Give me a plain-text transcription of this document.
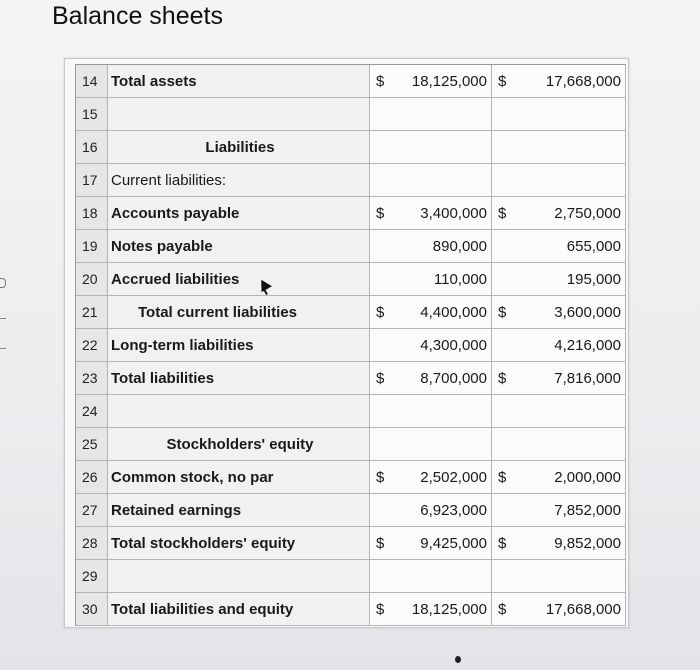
Balance sheets
14 Total assets	$ 18,125,000 $	17,668,000
15
16	Liabilities
17 Current liabilities:
18 Accounts payable	$ 3,400,000 $	2,750,000
19 Notes payable	890,000	655,000
20 Accrued liabilities	110,000	195,000
21	Total current liabilities	$ 4,400,000 $	3,600,000
22 Long-term liabilities	4,300,000	4,216,000
23 Total liabilities	$ 8,700,000 $	7,816,000
24
25	Stockholders' equity
26 Common stock, no par	$ 2,502,000 $	2,000,000
27 Retained earnings	6,923,000	7,852,000
28 Total stockholders' equity	$ 9,425,000 $	9,852,000
29
30 Total liabilities and equity	$ 18,125,000 $	17,668,000
